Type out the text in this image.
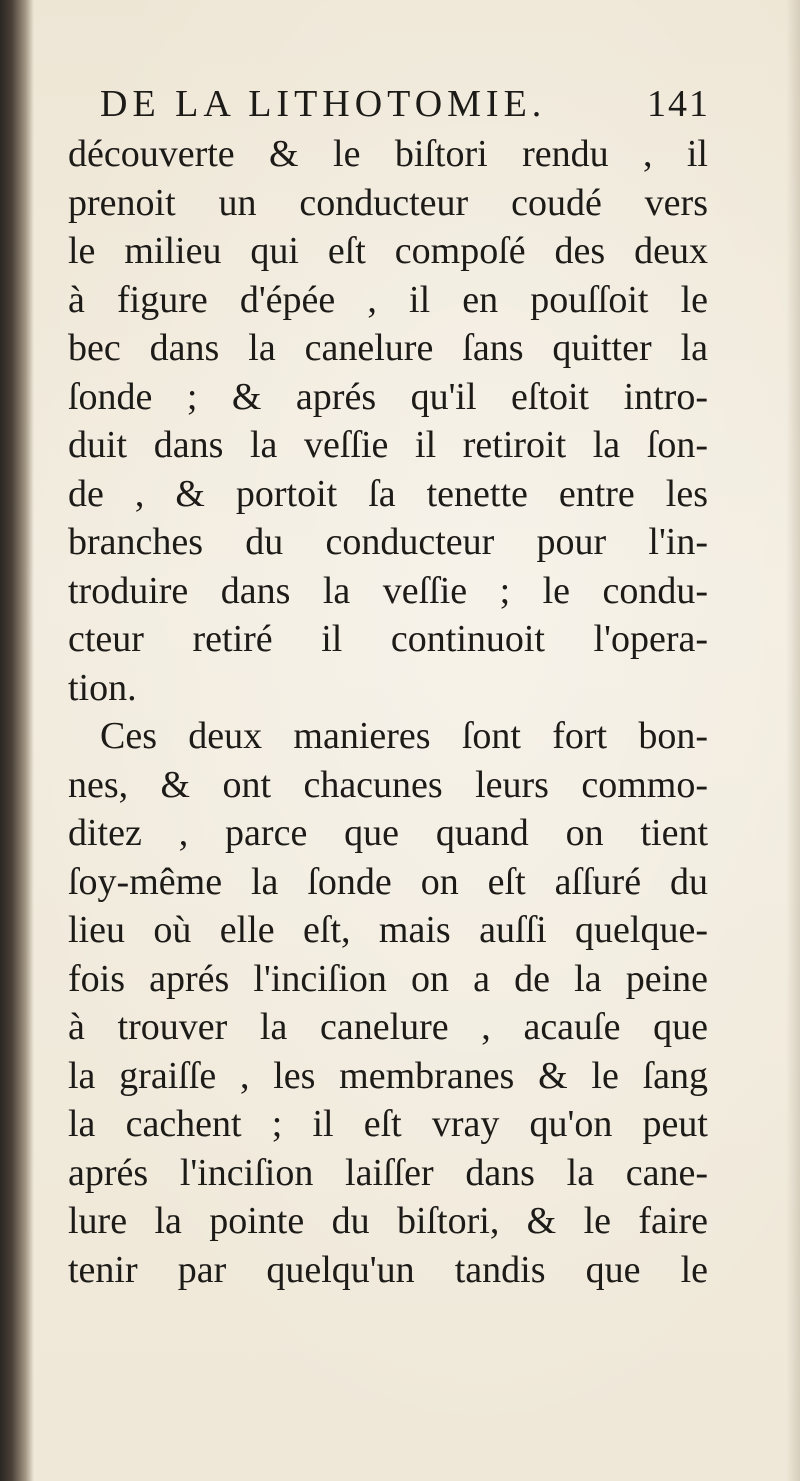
DE LA LITHOTOMIE.	141
découverte & le biſtori rendu , il
prenoit un conducteur coudé vers
le milieu qui eſt compoſé des deux
à figure d'épée , il en pouſſoit le
bec dans la canelure ſans quitter la
ſonde ; & aprés qu'il eſtoit intro-
duit dans la veſſie il retiroit la ſon-
de , & portoit ſa tenette entre les
branches du conducteur pour l'in-
troduire dans la veſſie ; le condu-
cteur retiré il continuoit l'opera-
tion.
Ces deux manieres ſont fort bon-
nes, & ont chacunes leurs commo-
ditez , parce que quand on tient
ſoy-même la ſonde on eſt aſſuré du
lieu où elle eſt, mais auſſi quelque-
fois aprés l'inciſion on a de la peine
à trouver la canelure , acauſe que
la graiſſe , les membranes & le ſang
la cachent ; il eſt vray qu'on peut
aprés l'inciſion laiſſer dans la cane-
lure la pointe du biſtori, & le faire
tenir par quelqu'un tandis que le
